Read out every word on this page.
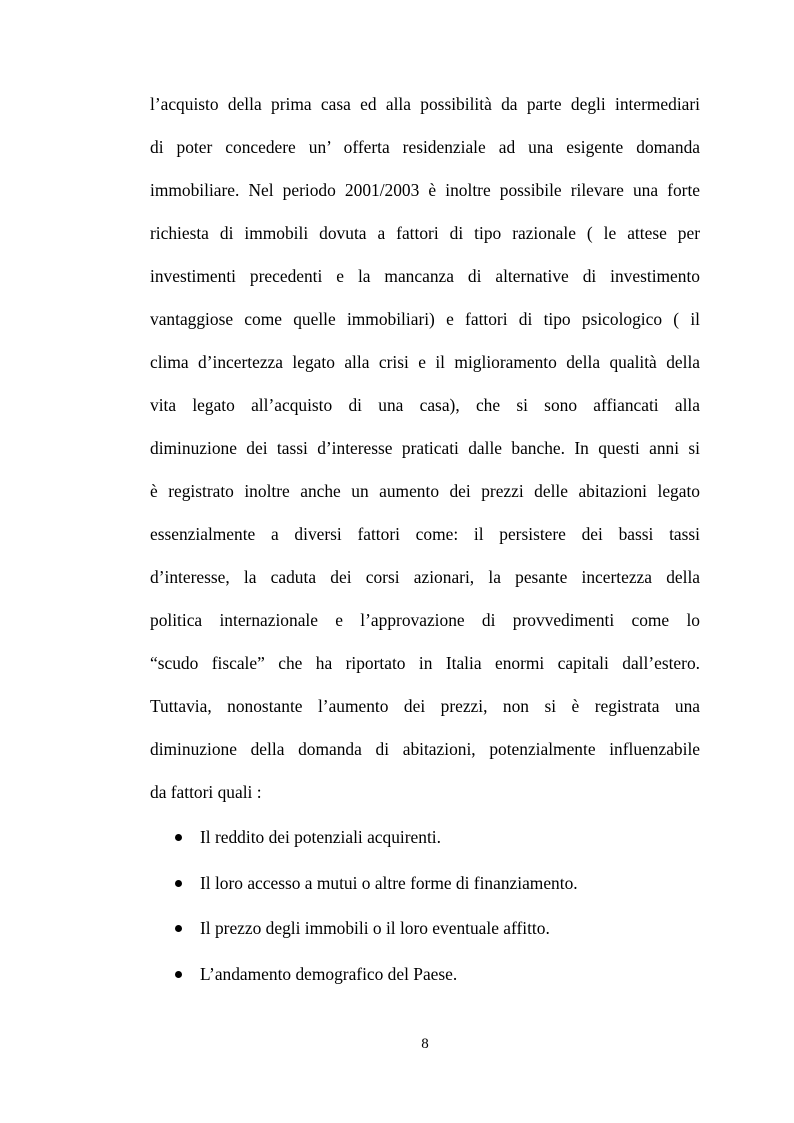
l’acquisto della prima casa ed alla possibilità da parte degli intermediari
di poter concedere un’ offerta residenziale ad una esigente domanda
immobiliare. Nel periodo 2001/2003 è inoltre possibile rilevare una forte
richiesta di immobili dovuta a fattori di tipo razionale ( le attese per
investimenti precedenti e la mancanza di alternative di investimento
vantaggiose come quelle immobiliari) e fattori di tipo psicologico ( il
clima d’incertezza legato alla crisi e il miglioramento della qualità della
vita legato all’acquisto di una casa), che si sono affiancati alla
diminuzione dei tassi d’interesse praticati dalle banche. In questi anni si
è registrato inoltre anche un aumento dei prezzi delle abitazioni legato
essenzialmente a diversi fattori come: il persistere dei bassi tassi
d’interesse, la caduta dei corsi azionari, la pesante incertezza della
politica internazionale e l’approvazione di provvedimenti come lo
“scudo fiscale” che ha riportato in Italia enormi capitali dall’estero.
Tuttavia, nonostante l’aumento dei prezzi, non si è registrata una
diminuzione della domanda di abitazioni, potenzialmente influenzabile
da fattori quali :
Il reddito dei potenziali acquirenti.
Il loro accesso a mutui o altre forme di finanziamento.
Il prezzo degli immobili o il loro eventuale affitto.
L’andamento demografico del Paese.
8
